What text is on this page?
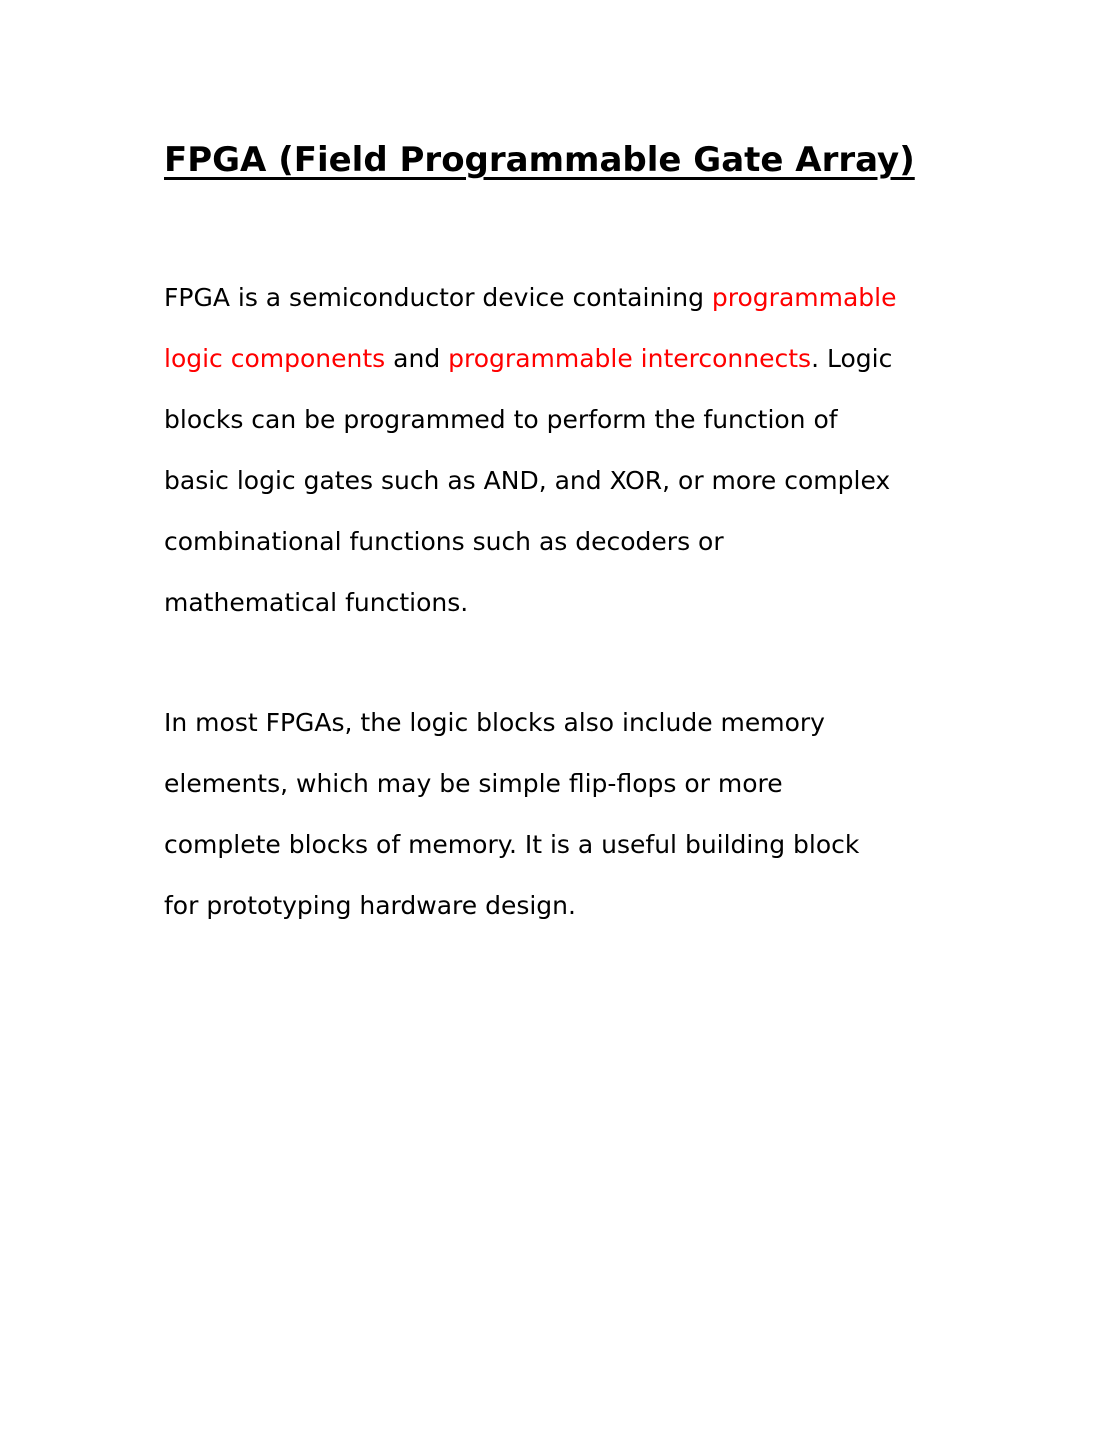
FPGA (Field Programmable Gate Array)
FPGA is a semiconductor device containing programmable
logic components and programmable interconnects. Logic
blocks can be programmed to perform the function of
basic logic gates such as AND, and XOR, or more complex
combinational functions such as decoders or
mathematical functions.
In most FPGAs, the logic blocks also include memory
elements, which may be simple flip-flops or more
complete blocks of memory. It is a useful building block
for prototyping hardware design.
